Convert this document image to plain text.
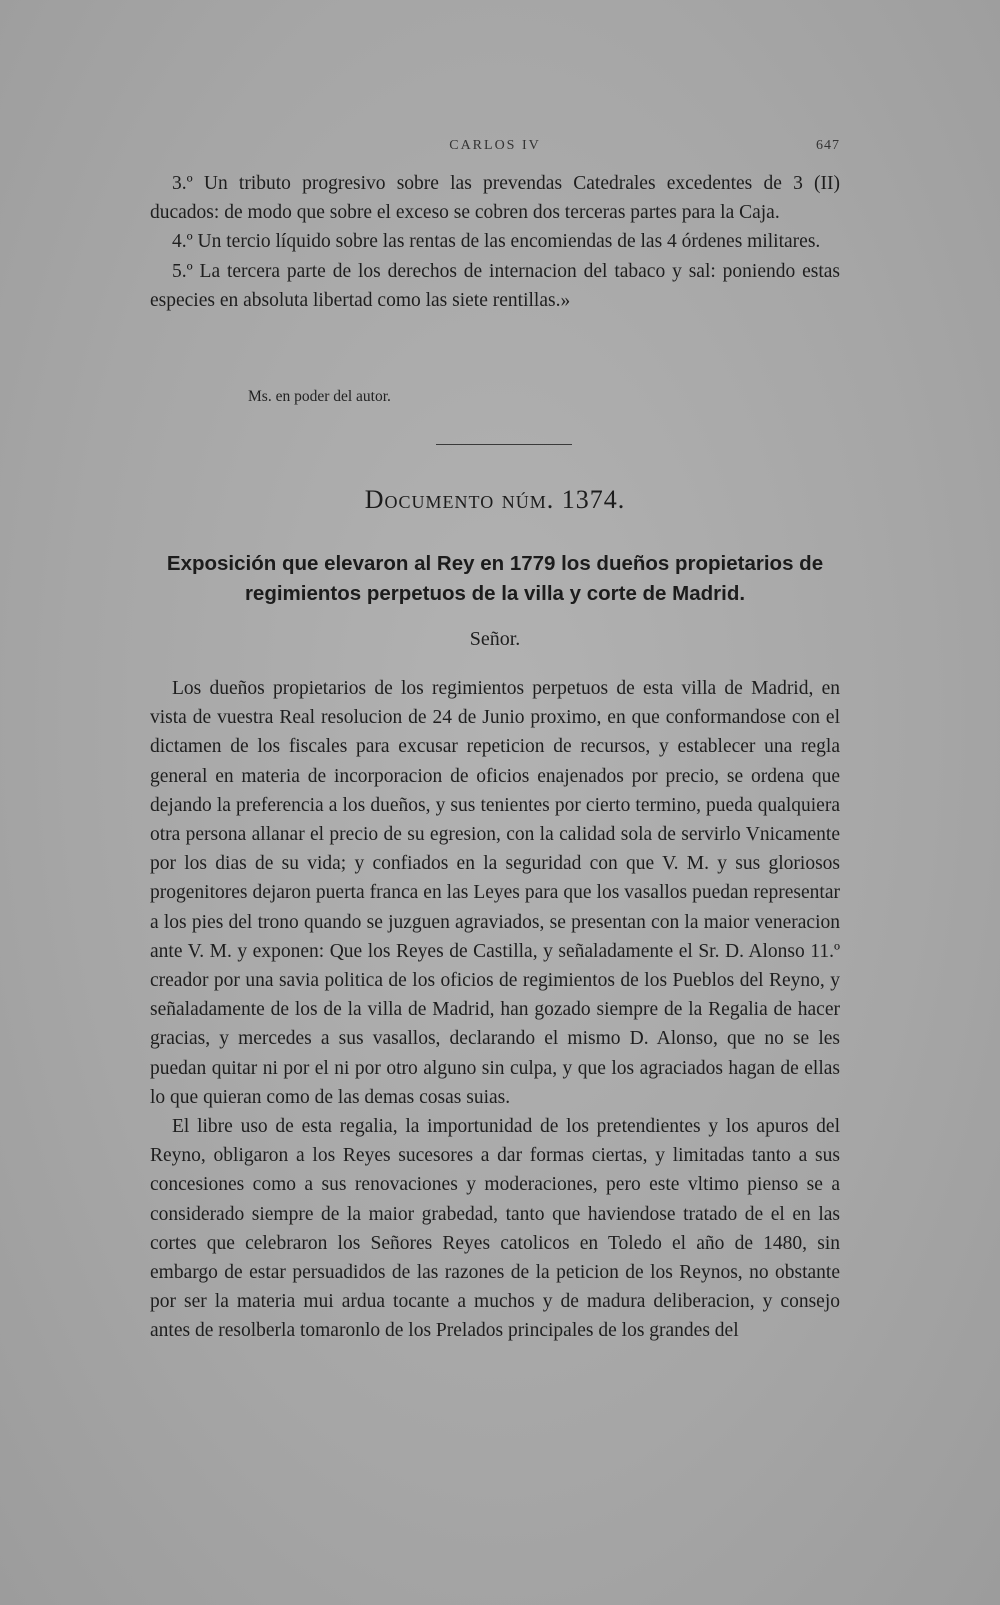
CARLOS IV	647

3.º Un tributo progresivo sobre las prevendas Catedrales excedentes de 3 (II) ducados: de modo que sobre el exceso se cobren dos terceras partes para la Caja.

4.º Un tercio líquido sobre las rentas de las encomiendas de las 4 órdenes militares.

5.º La tercera parte de los derechos de internacion del tabaco y sal: poniendo estas especies en absoluta libertad como las siete rentillas.»

Ms. en poder del autor.
Documento núm. 1374.
Exposición que elevaron al Rey en 1779 los dueños propietarios de regimientos perpetuos de la villa y corte de Madrid.
Señor.

Los dueños propietarios de los regimientos perpetuos de esta villa de Madrid, en vista de vuestra Real resolucion de 24 de Junio proximo, en que conformandose con el dictamen de los fiscales para excusar repeticion de recursos, y establecer una regla general en materia de incorporacion de oficios enajenados por precio, se ordena que dejando la preferencia a los dueños, y sus tenientes por cierto termino, pueda qualquiera otra persona allanar el precio de su egresion, con la calidad sola de servirlo Vnicamente por los dias de su vida; y confiados en la seguridad con que V. M. y sus gloriosos progenitores dejaron puerta franca en las Leyes para que los vasallos puedan representar a los pies del trono quando se juzguen agraviados, se presentan con la maior veneracion ante V. M. y exponen: Que los Reyes de Castilla, y señaladamente el Sr. D. Alonso 11.º creador por una savia politica de los oficios de regimientos de los Pueblos del Reyno, y señaladamente de los de la villa de Madrid, han gozado siempre de la Regalia de hacer gracias, y mercedes a sus vasallos, declarando el mismo D. Alonso, que no se les puedan quitar ni por el ni por otro alguno sin culpa, y que los agraciados hagan de ellas lo que quieran como de las demas cosas suias.

El libre uso de esta regalia, la importunidad de los pretendientes y los apuros del Reyno, obligaron a los Reyes sucesores a dar formas ciertas, y limitadas tanto a sus concesiones como a sus renovaciones y moderaciones, pero este vltimo pienso se a considerado siempre de la maior grabedad, tanto que haviendose tratado de el en las cortes que celebraron los Señores Reyes catolicos en Toledo el año de 1480, sin embargo de estar persuadidos de las razones de la peticion de los Reynos, no obstante por ser la materia mui ardua tocante a muchos y de madura deliberacion, y consejo antes de resolberla tomaronlo de los Prelados principales de los grandes del
